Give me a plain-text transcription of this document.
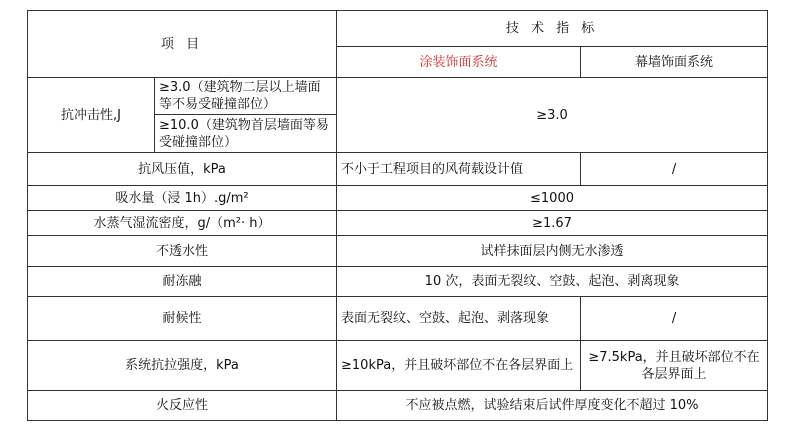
项 目		技 术 指 标	
		涂装饰面系统	幕墙饰面系统
抗冲击性,J	≥3.0（建筑物二层以上墙面等不易受碰撞部位）	≥3.0	
	≥10.0（建筑物首层墙面等易受碰撞部位）		
抗风压值，kPa		不小于工程项目的风荷载设计值	/
吸水量（浸 1h）.g/m²		≤1000	
水蒸气湿流密度，g/（m²· h）		≥1.67	
不透水性		试样抹面层内侧无水渗透	
耐冻融		10 次，表面无裂纹、空鼓、起泡、剥离现象	
耐候性		表面无裂纹、空鼓、起泡、剥落现象	/
系统抗拉强度，kPa		≥10kPa，并且破坏部位不在各层界面上	≥7.5kPa，并且破坏部位不在各层界面上
火反应性		不应被点燃，试验结束后试件厚度变化不超过 10%	
